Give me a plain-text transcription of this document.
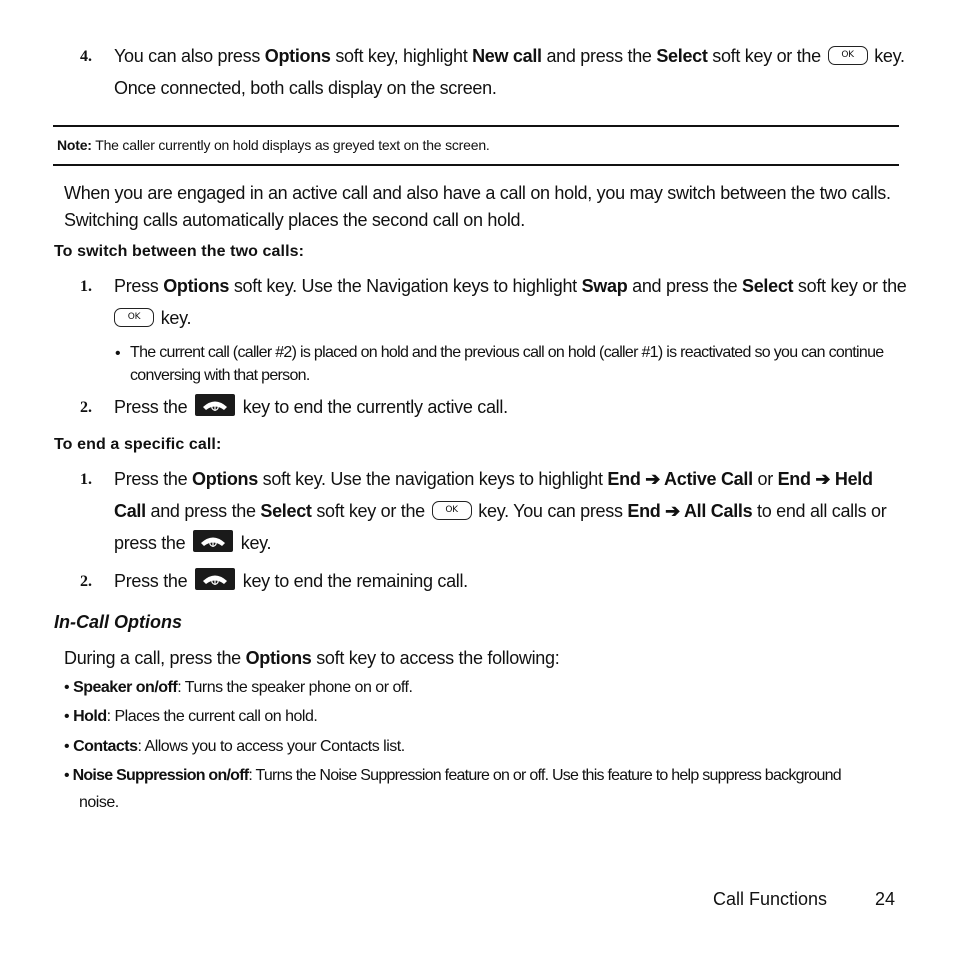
4. You can also press Options soft key, highlight New call and press the Select soft key or the OK key.
Once connected, both calls display on the screen.
Note: The caller currently on hold displays as greyed text on the screen.
When you are engaged in an active call and also have a call on hold, you may switch between the two calls.
Switching calls automatically places the second call on hold.
To switch between the two calls:
1. Press Options soft key. Use the Navigation keys to highlight Swap and press the Select soft key or the
OK key.
• The current call (caller #2) is placed on hold and the previous call on hold (caller #1) is reactivated so you can continue
conversing with that person.
2. Press the	key to end the currently active call.
To end a specific call:
1. Press the Options soft key. Use the navigation keys to highlight End ➔ Active Call or End ➔ Held
Call and press the Select soft key or the OK key. You can press End ➔ All Calls to end all calls or
press the	key.
2. Press the	key to end the remaining call.
In-Call Options
During a call, press the Options soft key to access the following:
• Speaker on/off: Turns the speaker phone on or off.
• Hold: Places the current call on hold.
• Contacts: Allows you to access your Contacts list.
• Noise Suppression on/off: Turns the Noise Suppression feature on or off. Use this feature to help suppress background
noise.
Call Functions	24
